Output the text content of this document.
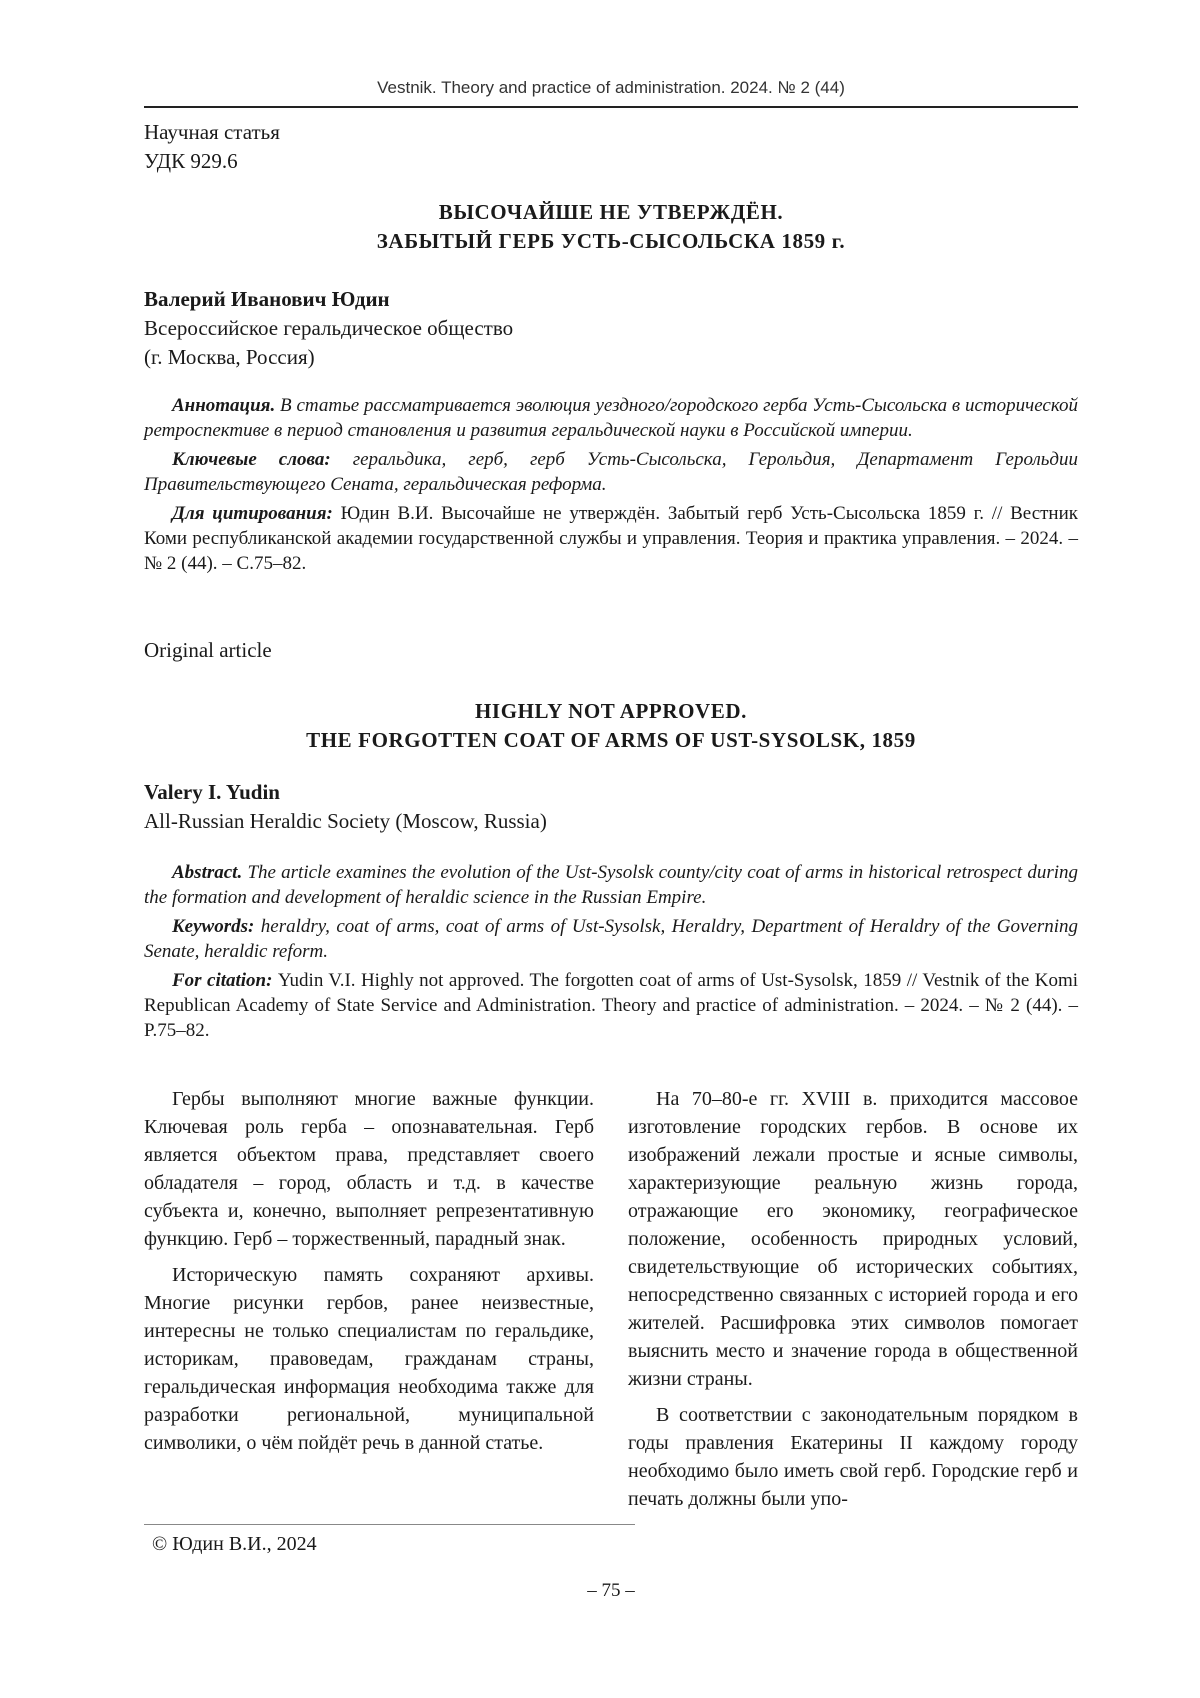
Vestnik. Theory and practice of administration. 2024. № 2 (44)
Научная статья
УДК 929.6
ВЫСОЧАЙШЕ НЕ УТВЕРЖДЁН.
ЗАБЫТЫЙ ГЕРБ УСТЬ-СЫСОЛЬСКА 1859 г.
Валерий Иванович Юдин
Всероссийское геральдическое общество
(г. Москва, Россия)

Аннотация. В статье рассматривается эволюция уездного/городского герба Усть-Сысольска в исторической ретроспективе в период становления и развития геральдической науки в Российской империи.

Ключевые слова: геральдика, герб, герб Усть-Сысольска, Герольдия, Департамент Герольдии Правительствующего Сената, геральдическая реформа.

Для цитирования: Юдин В.И. Высочайше не утверждён. Забытый герб Усть-Сысольска 1859 г. // Вестник Коми республиканской академии государственной службы и управления. Теория и практика управления. – 2024. – № 2 (44). – С.75–82.

Original article
HIGHLY NOT APPROVED.
THE FORGOTTEN COAT OF ARMS OF UST-SYSOLSK, 1859
Valery I. Yudin
All-Russian Heraldic Society (Moscow, Russia)

Abstract. The article examines the evolution of the Ust-Sysolsk county/city coat of arms in historical retrospect during the formation and development of heraldic science in the Russian Empire.

Keywords: heraldry, coat of arms, coat of arms of Ust-Sysolsk, Heraldry, Department of Heraldry of the Governing Senate, heraldic reform.

For citation: Yudin V.I. Highly not approved. The forgotten coat of arms of Ust-Sysolsk, 1859 // Vestnik of the Komi Republican Academy of State Service and Administration. Theory and practice of administration. – 2024. – № 2 (44). – P.75–82.

Гербы выполняют многие важные функции. Ключевая роль герба – опознавательная. Герб является объектом права, представляет своего обладателя – город, область и т.д. в качестве субъекта и, конечно, выполняет репрезентативную функцию. Герб – торжественный, парадный знак.

Историческую память сохраняют архивы. Многие рисунки гербов, ранее неизвестные, интересны не только специалистам по геральдике, историкам, правоведам, гражданам страны, геральдическая информация необходима также для разработки региональной, муниципальной символики, о чём пойдёт речь в данной статье.

На 70–80-е гг. XVIII в. приходится массовое изготовление городских гербов. В основе их изображений лежали простые и ясные символы, характеризующие реальную жизнь города, отражающие его экономику, географическое положение, особенность природных условий, свидетельствующие об исторических событиях, непосредственно связанных с историей города и его жителей. Расшифровка этих символов помогает выяснить место и значение города в общественной жизни страны.

В соответствии с законодательным порядком в годы правления Екатерины II каждому городу необходимо было иметь свой герб. Городские герб и печать должны были упо-

© Юдин В.И., 2024
– 75 –
